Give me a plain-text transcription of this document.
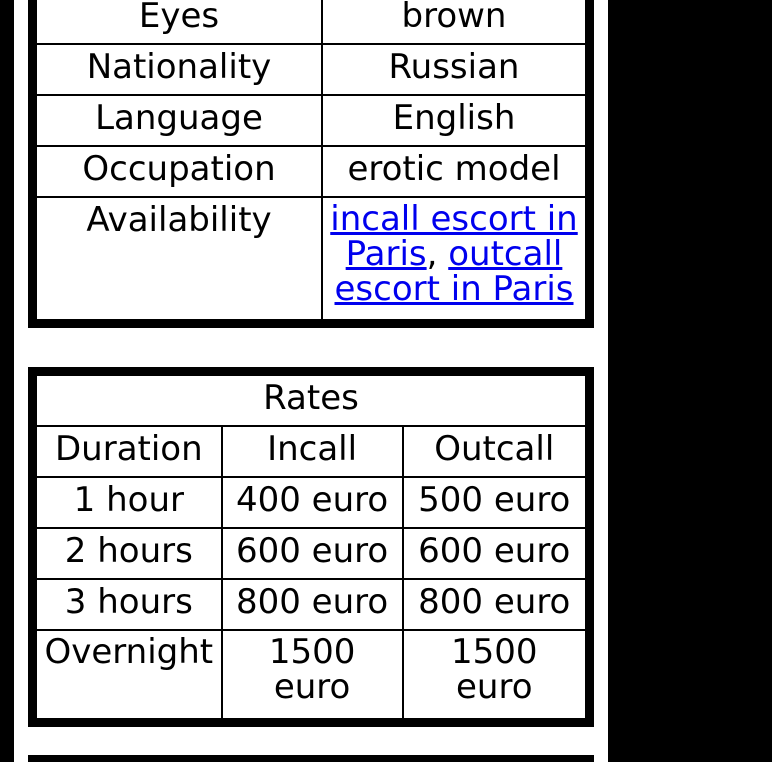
Eyes	brown
Nationality	Russian
Language	English
Occupation	erotic model
Availability	incall escort in Paris, outcall escort in Paris
Rates		
Duration	Incall	Outcall
1 hour	400 euro	500 euro
2 hours	600 euro	600 euro
3 hours	800 euro	800 euro
Overnight	1500 euro	1500 euro
